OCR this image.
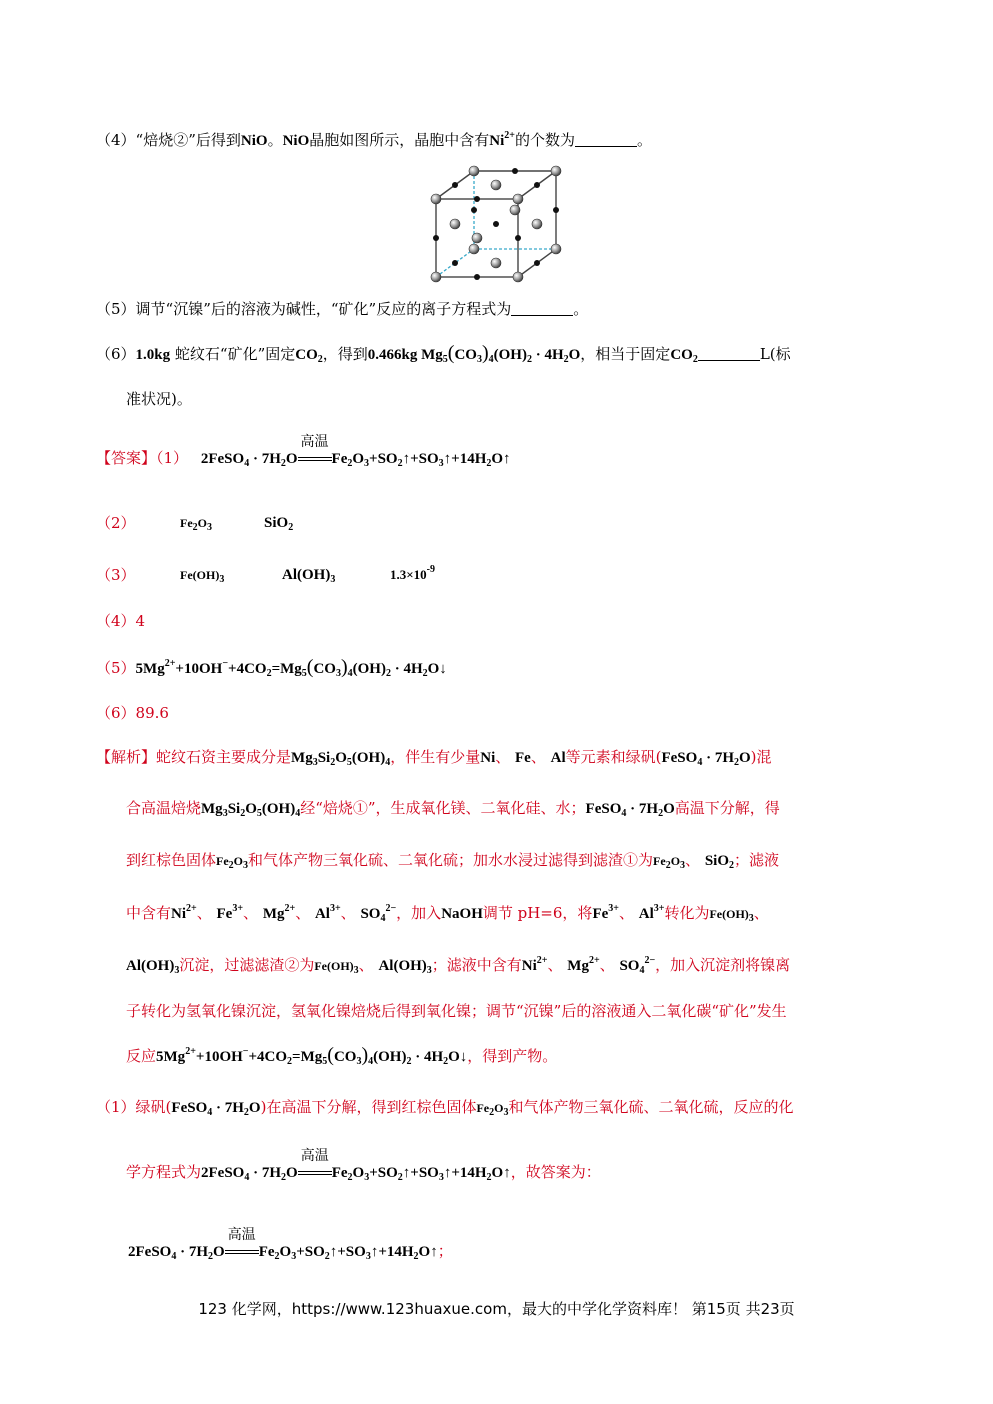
（4）“焙烧②”后得到NiO。NiO晶胞如图所示，晶胞中含有$Ni^{2+}$的个数为	。
（5）调节“沉镍”后的溶液为碱性，“矿化”反应的离子方程式为	。
（6）1.0kg 蛇纹石“矿化”固定$CO_2$，得到0.466kg $Mg_5(CO_3)_4(OH)_2 \cdot 4H_2O$，相当于固定$CO_2$	L(标
准状况)。
【答案】（1） 2FeSO$_4$ · $7H_2O$
高温
$Fe_2O_3+SO_2↑+SO_3↑+14H_2O↑$
（2）	$Fe_2O_3$	SiO$_2$
（3）	$Fe(OH)_3$	$Al(OH)_3$	$1.3\times 10^{-9}$
（4）4
$(5)5Mg^{2+}+10OH^-+4CO_2=Mg_5(CO_3)_4(OH)_2$ · $4H_2O↓$
（6）89.6
【解析】蛇纹石资主要成分是$Mg_3Si_2O_5(OH)_4$，伴生有少量Ni、 Fe、 Al等元素和绿矾(FeSO$_4$ · $7H_2O$)混
合高温焙烧$Mg_3Si_2O_5(OH)_4$经“焙烧①”，生成氧化镁、二氧化硅、水；FeSO$_4$ · $7H_2O$高温下分解，得
到红棕色固体$Fe_2O_3$和气体产物三氧化硫、二氧化硫；加水水浸过滤得到滤渣①为$Fe_2O_3$、 SiO$_2$；滤液
中含有$Ni^{2+}$、 $Fe^{3+}$、 $Mg^{2+}$、 $Al^{3+}$、 $SO_4^{2-}$，加入NaOH调节 pH=6，将$Fe^{3+}$、 $Al^{3+}$转化为$Fe(OH)_3$、
$Al(OH)_3$沉淀，过滤滤渣②为$Fe(OH)_3$、 $Al(OH)_3$；滤液中含有$Ni^{2+}$、 $Mg^{2+}$、 $SO_4^{2-}$，加入沉淀剂将镍离
子转化为氢氧化镍沉淀，氢氧化镍焙烧后得到氧化镍；调节“沉镍”后的溶液通入二氧化碳“矿化”发生
反应$5Mg^{2+}+10OH^-+4CO_2=Mg_5(CO_3)_4(OH)_2$ · $4H_2O↓$，得到产物。
（1）绿矾(FeSO$_4$ · $7H_2O$)在高温下分解，得到红棕色固体$Fe_2O_3$和气体产物三氧化硫、二氧化硫，反应的化
学方程式为2FeSO$_4$ · $7H_2O$
高温
$Fe_2O_3+SO_2↑+SO_3↑+14H_2O↑$，故答案为：
2FeSO$_4$ · $7H_2O$
高温
$Fe_2O_3+SO_2↑+SO_3↑+14H_2O↑$；
123 化学网，https://www.123huaxue.com，最大的中学化学资料库！ 第15页 共23页
